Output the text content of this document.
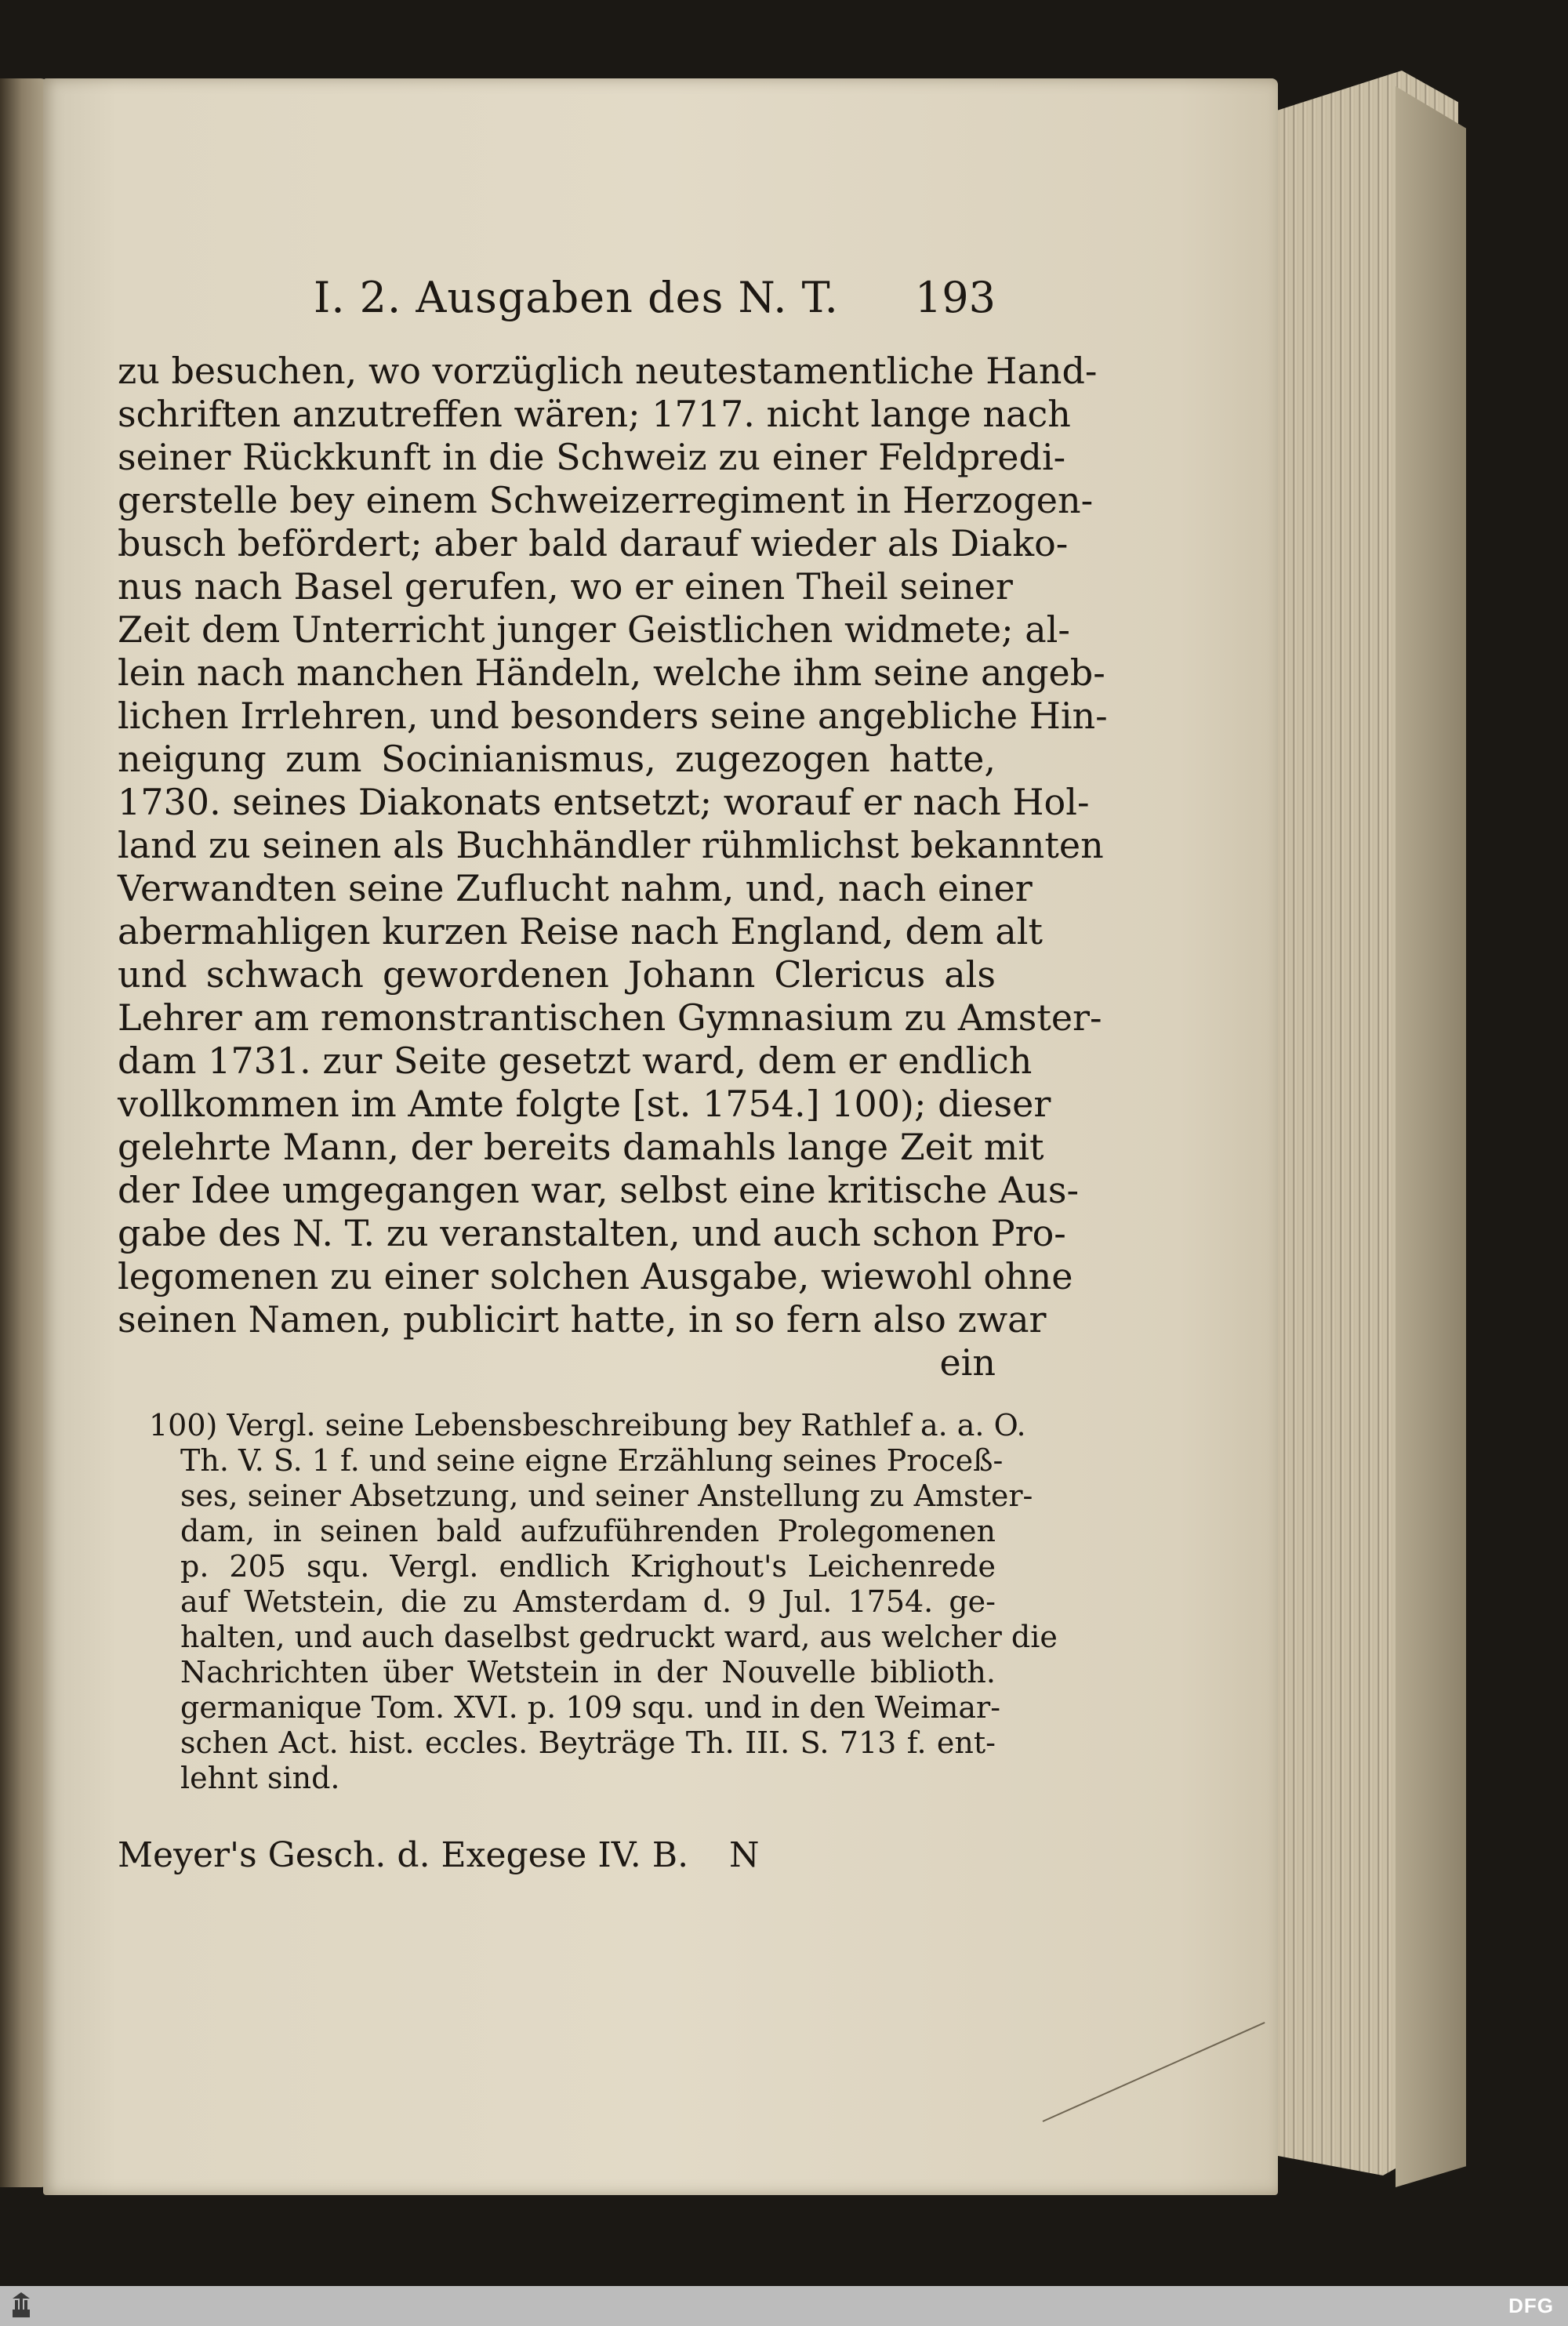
I. 2. Ausgaben des N. T. 193
zu besuchen, wo vorzüglich neutestamentliche Hand-
schriften anzutreffen wären; 1717. nicht lange nach
seiner Rückkunft in die Schweiz zu einer Feldpredi-
gerstelle bey einem Schweizerregiment in Herzogen-
busch befördert; aber bald darauf wieder als Diako-
nus nach Basel gerufen, wo er einen Theil seiner
Zeit dem Unterricht junger Geistlichen widmete; al-
lein nach manchen Händeln, welche ihm seine angeb-
lichen Irrlehren, und besonders seine angebliche Hin-
neigung zum Socinianismus, zugezogen hatte,
1730. seines Diakonats entsetzt; worauf er nach Hol-
land zu seinen als Buchhändler rühmlichst bekannten
Verwandten seine Zuflucht nahm, und, nach einer
abermahligen kurzen Reise nach England, dem alt
und schwach gewordenen Johann Clericus als
Lehrer am remonstrantischen Gymnasium zu Amster-
dam 1731. zur Seite gesetzt ward, dem er endlich
vollkommen im Amte folgte [st. 1754.] 100); dieser
gelehrte Mann, der bereits damahls lange Zeit mit
der Idee umgegangen war, selbst eine kritische Aus-
gabe des N. T. zu veranstalten, und auch schon Pro-
legomenen zu einer solchen Ausgabe, wiewohl ohne
seinen Namen, publicirt hatte, in so fern also zwar
ein
100) Vergl. seine Lebensbeschreibung bey Rathlef a. a. O.
Th. V. S. 1 f. und seine eigne Erzählung seines Proceß-
ses, seiner Absetzung, und seiner Anstellung zu Amster-
dam, in seinen bald aufzuführenden Prolegomenen
p. 205 squ. Vergl. endlich Krighout's Leichenrede
auf Wetstein, die zu Amsterdam d. 9 Jul. 1754. ge-
halten, und auch daselbst gedruckt ward, aus welcher die
Nachrichten über Wetstein in der Nouvelle biblioth.
germanique Tom. XVI. p. 109 squ. und in den Weimar-
schen Act. hist. eccles. Beyträge Th. III. S. 713 f. ent-
lehnt sind.
Meyer's Gesch. d. Exegese IV. B. N
DFG
